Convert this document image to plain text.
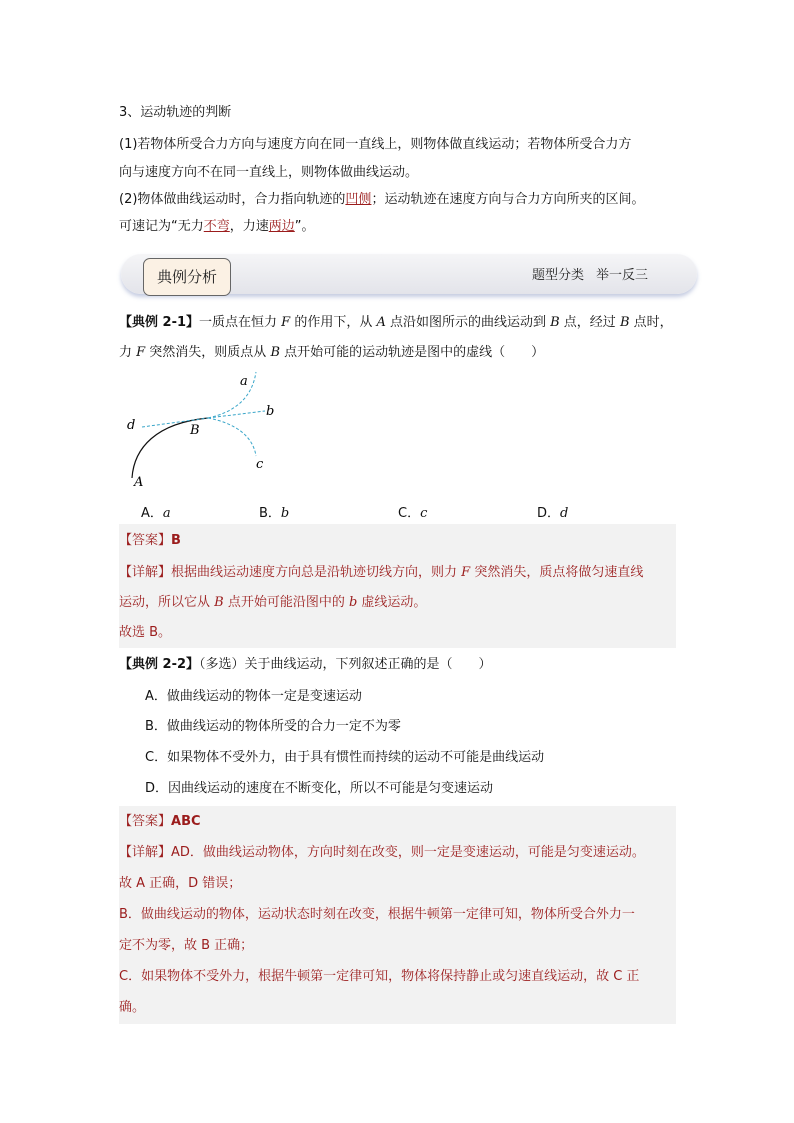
3、运动轨迹的判断
(1)若物体所受合力方向与速度方向在同一直线上，则物体做直线运动；若物体所受合力方
向与速度方向不在同一直线上，则物体做曲线运动。
(2)物体做曲线运动时，合力指向轨迹的凹侧；运动轨迹在速度方向与合力方向所夹的区间。
可速记为“无力不弯，力速两边”。
典例分析	题型分类 举一反三
【典例 2-1】一质点在恒力 F 的作用下，从 A 点沿如图所示的曲线运动到 B 点，经过 B 点时，
力 F 突然消失，则质点从 B 点开始可能的运动轨迹是图中的虚线（　　）
a
b
c
d	B
A
A．a	B．b	C．c	D．d
【答案】B
【详解】根据曲线运动速度方向总是沿轨迹切线方向，则力 F 突然消失，质点将做匀速直线
运动，所以它从 B 点开始可能沿图中的 b 虚线运动。
故选 B。
【典例 2-2】（多选）关于曲线运动，下列叙述正确的是（　　）
A．做曲线运动的物体一定是变速运动
B．做曲线运动的物体所受的合力一定不为零
C．如果物体不受外力，由于具有惯性而持续的运动不可能是曲线运动
D．因曲线运动的速度在不断变化，所以不可能是匀变速运动
【答案】ABC
【详解】AD．做曲线运动物体，方向时刻在改变，则一定是变速运动，可能是匀变速运动。
故 A 正确，D 错误；
B．做曲线运动的物体，运动状态时刻在改变，根据牛顿第一定律可知，物体所受合外力一
定不为零，故 B 正确；
C．如果物体不受外力，根据牛顿第一定律可知，物体将保持静止或匀速直线运动，故 C 正
确。
